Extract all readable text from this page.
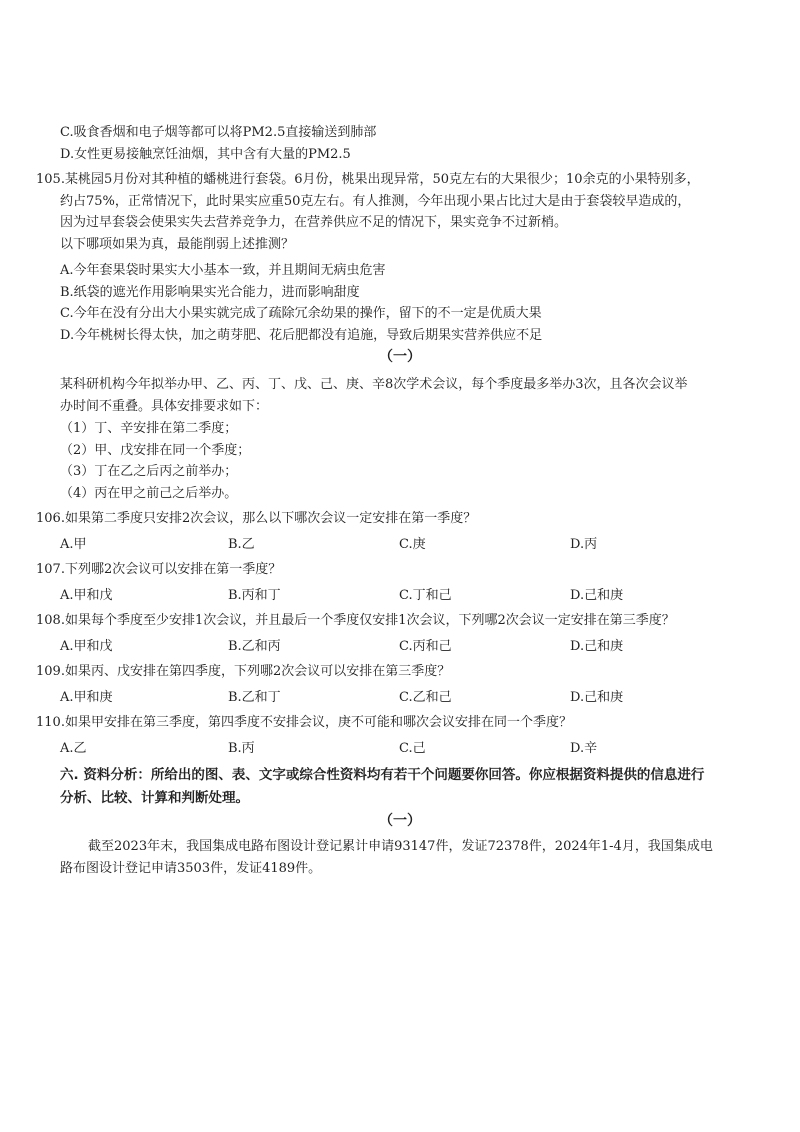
C.吸食香烟和电子烟等都可以将PM2.5直接输送到肺部
D.女性更易接触烹饪油烟，其中含有大量的PM2.5
105.某桃园5月份对其种植的蟠桃进行套袋。6月份，桃果出现异常，50克左右的大果很少；10余克的小果特别多，
约占75%，正常情况下，此时果实应重50克左右。有人推测，今年出现小果占比过大是由于套袋较早造成的，
因为过早套袋会使果实失去营养竞争力，在营养供应不足的情况下，果实竞争不过新梢。
以下哪项如果为真，最能削弱上述推测？
A.今年套果袋时果实大小基本一致，并且期间无病虫危害
B.纸袋的遮光作用影响果实光合能力，进而影响甜度
C.今年在没有分出大小果实就完成了疏除冗余幼果的操作，留下的不一定是优质大果
D.今年桃树长得太快，加之萌芽肥、花后肥都没有追施，导致后期果实营养供应不足
（一）
某科研机构今年拟举办甲、乙、丙、丁、戊、己、庚、辛8次学术会议，每个季度最多举办3次，且各次会议举
办时间不重叠。具体安排要求如下：
（1）丁、辛安排在第二季度；
（2）甲、戊安排在同一个季度；
（3）丁在乙之后丙之前举办；
（4）丙在甲之前己之后举办。
106.如果第二季度只安排2次会议，那么以下哪次会议一定安排在第一季度？
A.甲	B.乙	C.庚	D.丙
107.下列哪2次会议可以安排在第一季度？
A.甲和戊	B.丙和丁	C.丁和己	D.己和庚
108.如果每个季度至少安排1次会议，并且最后一个季度仅安排1次会议，下列哪2次会议一定安排在第三季度？
A.甲和戊	B.乙和丙	C.丙和己	D.己和庚
109.如果丙、戊安排在第四季度，下列哪2次会议可以安排在第三季度？
A.甲和庚	B.乙和丁	C.乙和己	D.己和庚
110.如果甲安排在第三季度，第四季度不安排会议，庚不可能和哪次会议安排在同一个季度？
A.乙	B.丙	C.己	D.辛
六. 资料分析：所给出的图、表、文字或综合性资料均有若干个问题要你回答。你应根据资料提供的信息进行
分析、比较、计算和判断处理。
（一）
截至2023年末，我国集成电路布图设计登记累计申请93147件，发证72378件，2024年1-4月，我国集成电
路布图设计登记申请3503件，发证4189件。
